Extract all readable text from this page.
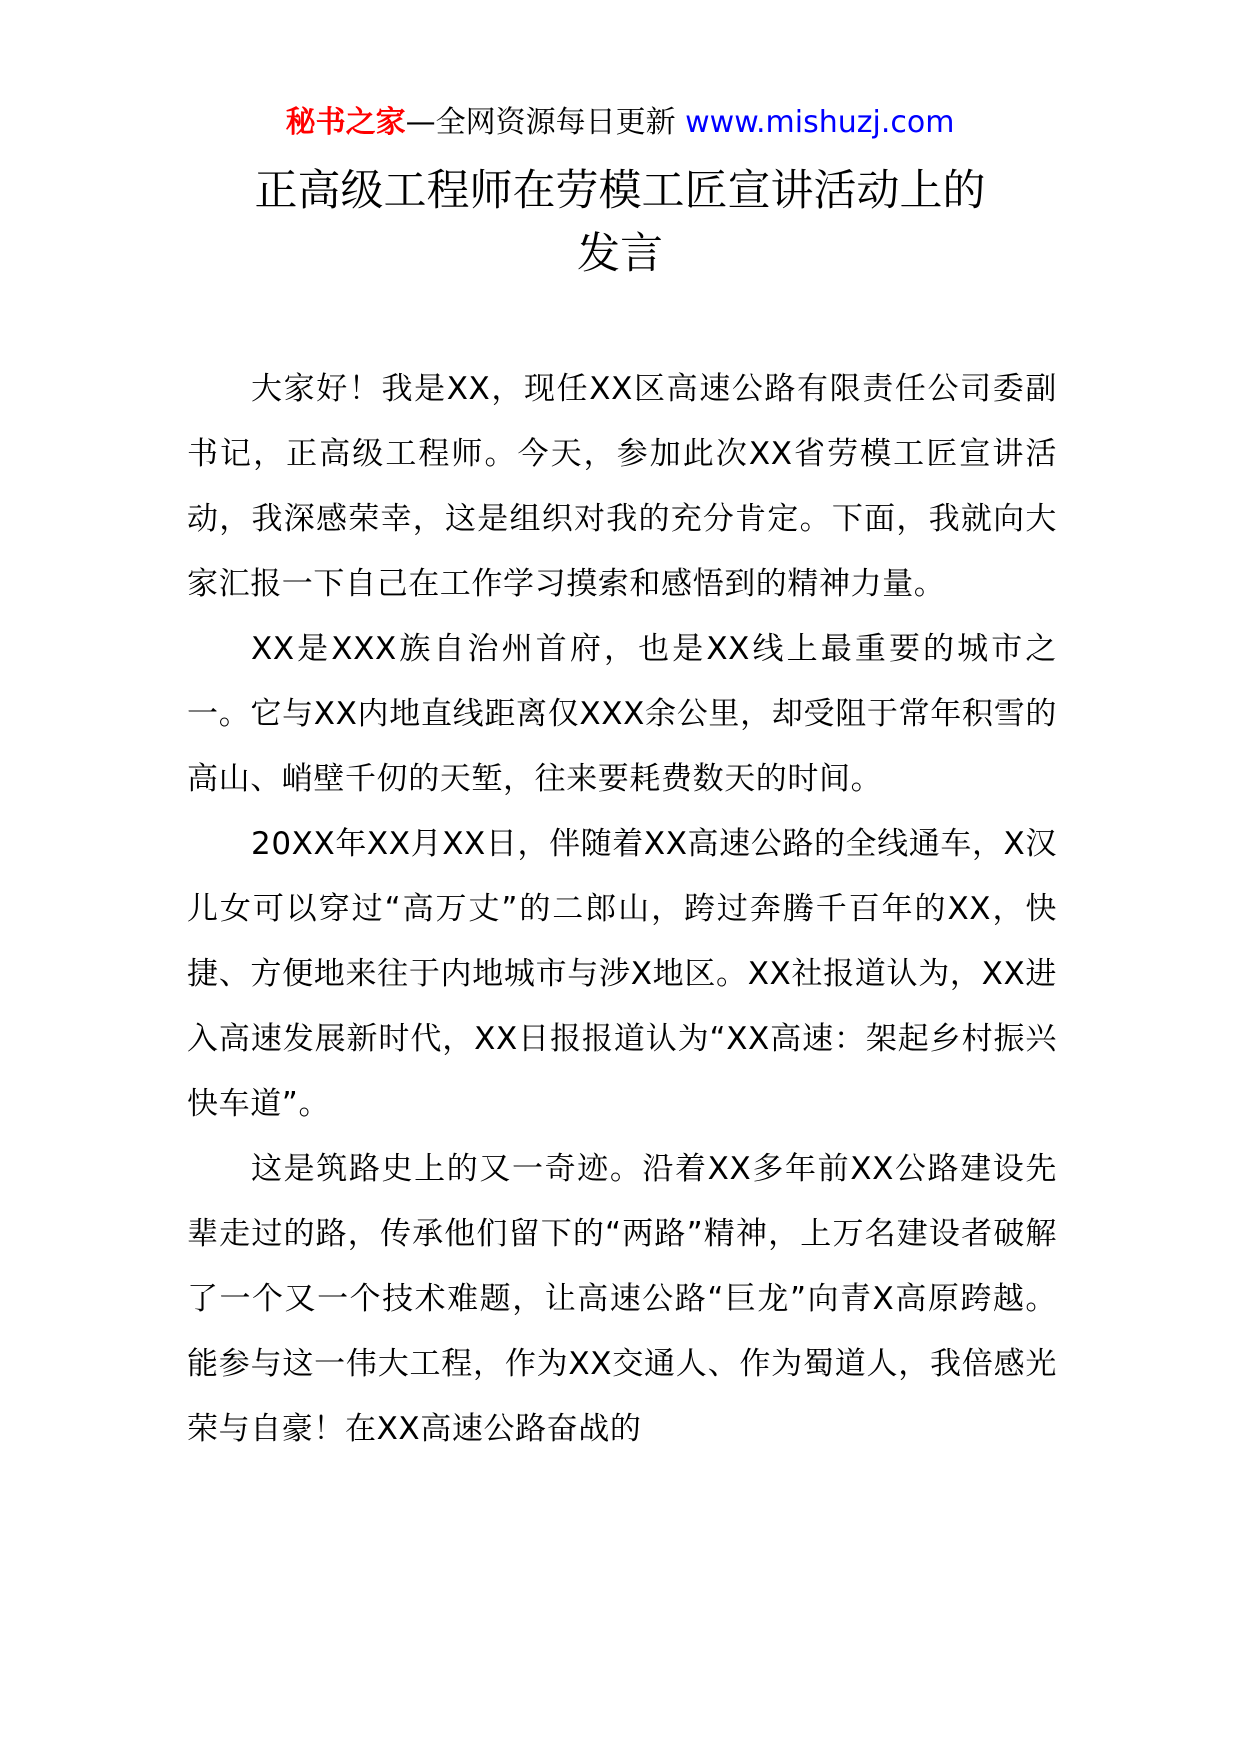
秘书之家—全网资源每日更新 www.mishuzj.com
正高级工程师在劳模工匠宣讲活动上的
发言

大家好！我是XX，现任XX区高速公路有限责任公司委副书记，正高级工程师。今天，参加此次XX省劳模工匠宣讲活动，我深感荣幸，这是组织对我的充分肯定。下面，我就向大家汇报一下自己在工作学习摸索和感悟到的精神力量。

XX是XXX族自治州首府，也是XX线上最重要的城市之一。它与XX内地直线距离仅XXX余公里，却受阻于常年积雪的高山、峭壁千仞的天堑，往来要耗费数天的时间。

20XX年XX月XX日，伴随着XX高速公路的全线通车，X汉儿女可以穿过“高万丈”的二郎山，跨过奔腾千百年的XX，快捷、方便地来往于内地城市与涉X地区。XX社报道认为，XX进入高速发展新时代，XX日报报道认为“XX高速：架起乡村振兴快车道”。

这是筑路史上的又一奇迹。沿着XX多年前XX公路建设先辈走过的路，传承他们留下的“两路”精神，上万名建设者破解了一个又一个技术难题，让高速公路“巨龙”向青X高原跨越。能参与这一伟大工程，作为XX交通人、作为蜀道人，我倍感光荣与自豪！在XX高速公路奋战的
